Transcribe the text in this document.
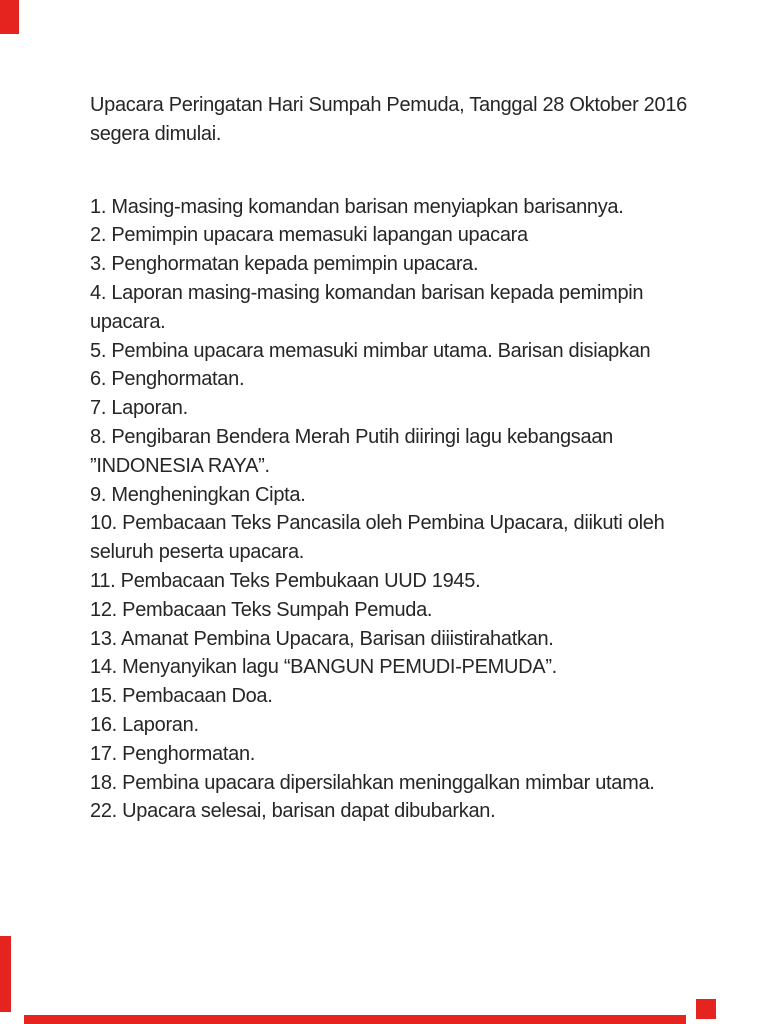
Upacara Peringatan Hari Sumpah Pemuda, Tanggal 28 Oktober 2016
segera dimulai.
1. Masing-masing komandan barisan menyiapkan barisannya.
2. Pemimpin upacara memasuki lapangan upacara
3. Penghormatan kepada pemimpin upacara.
4. Laporan masing-masing komandan barisan kepada pemimpin
upacara.
5. Pembina upacara memasuki mimbar utama. Barisan disiapkan
6. Penghormatan.
7. Laporan.
8. Pengibaran Bendera Merah Putih diiringi lagu kebangsaan
”INDONESIA RAYA”.
9. Mengheningkan Cipta.
10. Pembacaan Teks Pancasila oleh Pembina Upacara, diikuti oleh
seluruh peserta upacara.
11. Pembacaan Teks Pembukaan UUD 1945.
12. Pembacaan Teks Sumpah Pemuda.
13. Amanat Pembina Upacara, Barisan diiistirahatkan.
14. Menyanyikan lagu “BANGUN PEMUDI-PEMUDA”.
15. Pembacaan Doa.
16. Laporan.
17. Penghormatan.
18. Pembina upacara dipersilahkan meninggalkan mimbar utama.
22. Upacara selesai, barisan dapat dibubarkan.
